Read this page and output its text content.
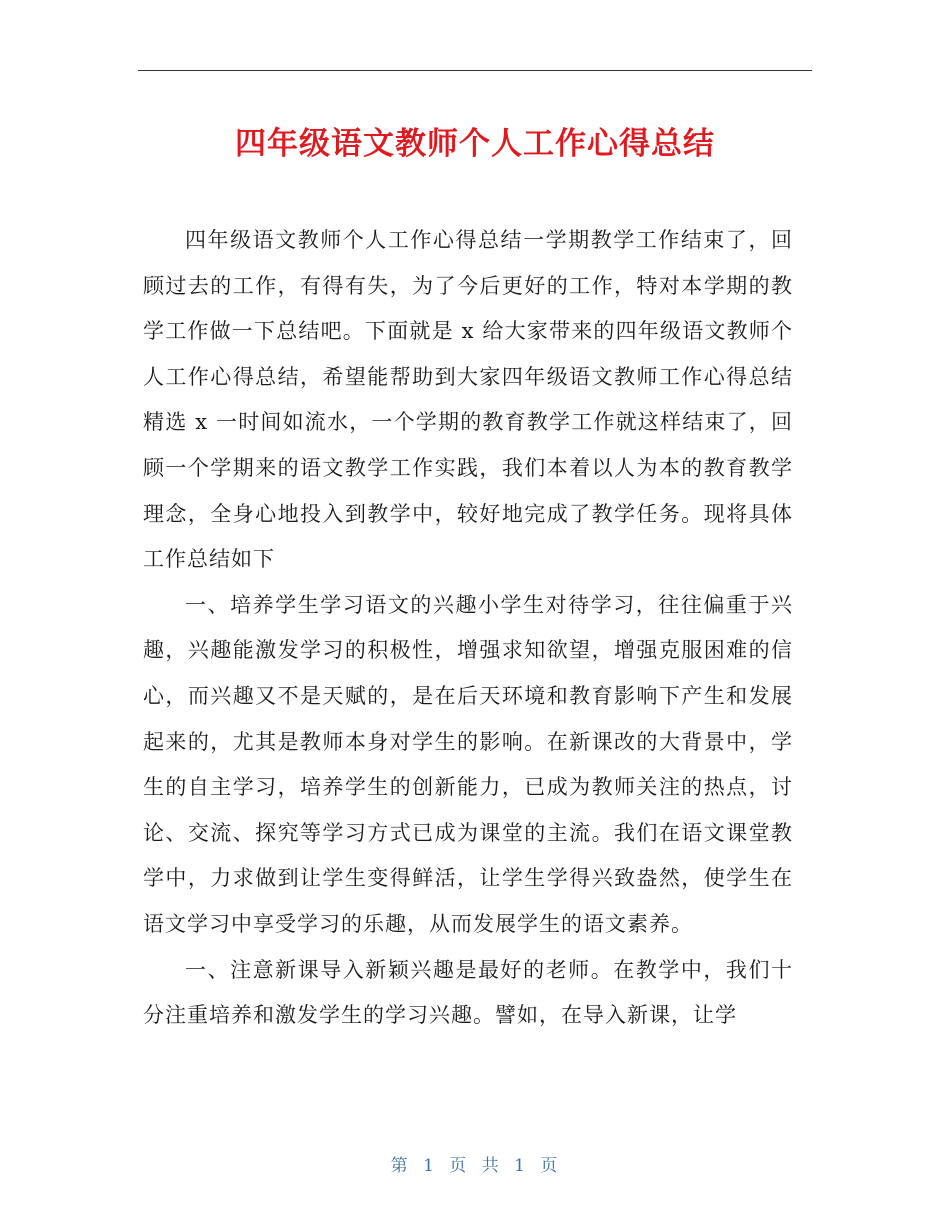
四年级语文教师个人工作心得总结

四年级语文教师个人工作心得总结一学期教学工作结束了，回顾过去的工作，有得有失，为了今后更好的工作，特对本学期的教学工作做一下总结吧。下面就是 x 给大家带来的四年级语文教师个人工作心得总结，希望能帮助到大家四年级语文教师工作心得总结精选 x 一时间如流水，一个学期的教育教学工作就这样结束了，回顾一个学期来的语文教学工作实践，我们本着以人为本的教育教学理念，全身心地投入到教学中，较好地完成了教学任务。现将具体工作总结如下

一、培养学生学习语文的兴趣小学生对待学习，往往偏重于兴趣，兴趣能激发学习的积极性，增强求知欲望，增强克服困难的信心，而兴趣又不是天赋的，是在后天环境和教育影响下产生和发展起来的，尤其是教师本身对学生的影响。在新课改的大背景中，学生的自主学习，培养学生的创新能力，已成为教师关注的热点，讨论、交流、探究等学习方式已成为课堂的主流。我们在语文课堂教学中，力求做到让学生变得鲜活，让学生学得兴致盎然，使学生在语文学习中享受学习的乐趣，从而发展学生的语文素养。

一、注意新课导入新颖兴趣是最好的老师。在教学中，我们十分注重培养和激发学生的学习兴趣。譬如，在导入新课，让学

第 1 页 共 1 页
